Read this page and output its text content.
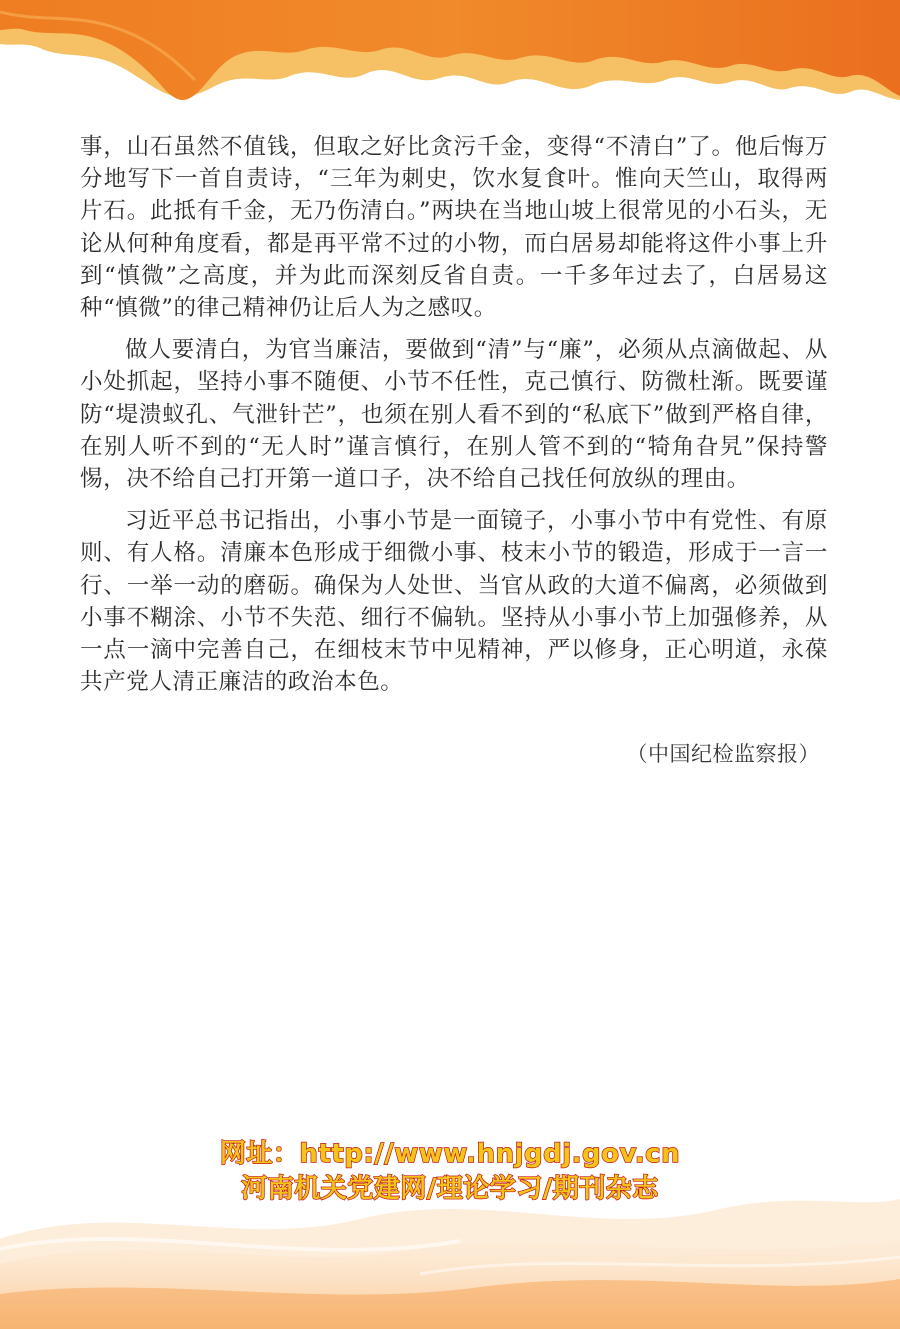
事，山石虽然不值钱，但取之好比贪污千金，变得“不清白”了。他后悔万分地写下一首自责诗，“三年为刺史，饮水复食叶。惟向天竺山，取得两片石。此抵有千金，无乃伤清白。”两块在当地山坡上很常见的小石头，无论从何种角度看，都是再平常不过的小物，而白居易却能将这件小事上升到“慎微”之高度，并为此而深刻反省自责。一千多年过去了，白居易这种“慎微”的律己精神仍让后人为之感叹。

做人要清白，为官当廉洁，要做到“清”与“廉”，必须从点滴做起、从小处抓起，坚持小事不随便、小节不任性，克己慎行、防微杜渐。既要谨防“堤溃蚁孔、气泄针芒”，也须在别人看不到的“私底下”做到严格自律，在别人听不到的“无人时”谨言慎行，在别人管不到的“犄角旮旯”保持警惕，决不给自己打开第一道口子，决不给自己找任何放纵的理由。

习近平总书记指出，小事小节是一面镜子，小事小节中有党性、有原则、有人格。清廉本色形成于细微小事、枝末小节的锻造，形成于一言一行、一举一动的磨砺。确保为人处世、当官从政的大道不偏离，必须做到小事不糊涂、小节不失范、细行不偏轨。坚持从小事小节上加强修养，从一点一滴中完善自己，在细枝末节中见精神，严以修身，正心明道，永葆共产党人清正廉洁的政治本色。

（中国纪检监察报）
网址：http://www.hnjgdj.gov.cn
河南机关党建网/理论学习/期刊杂志
